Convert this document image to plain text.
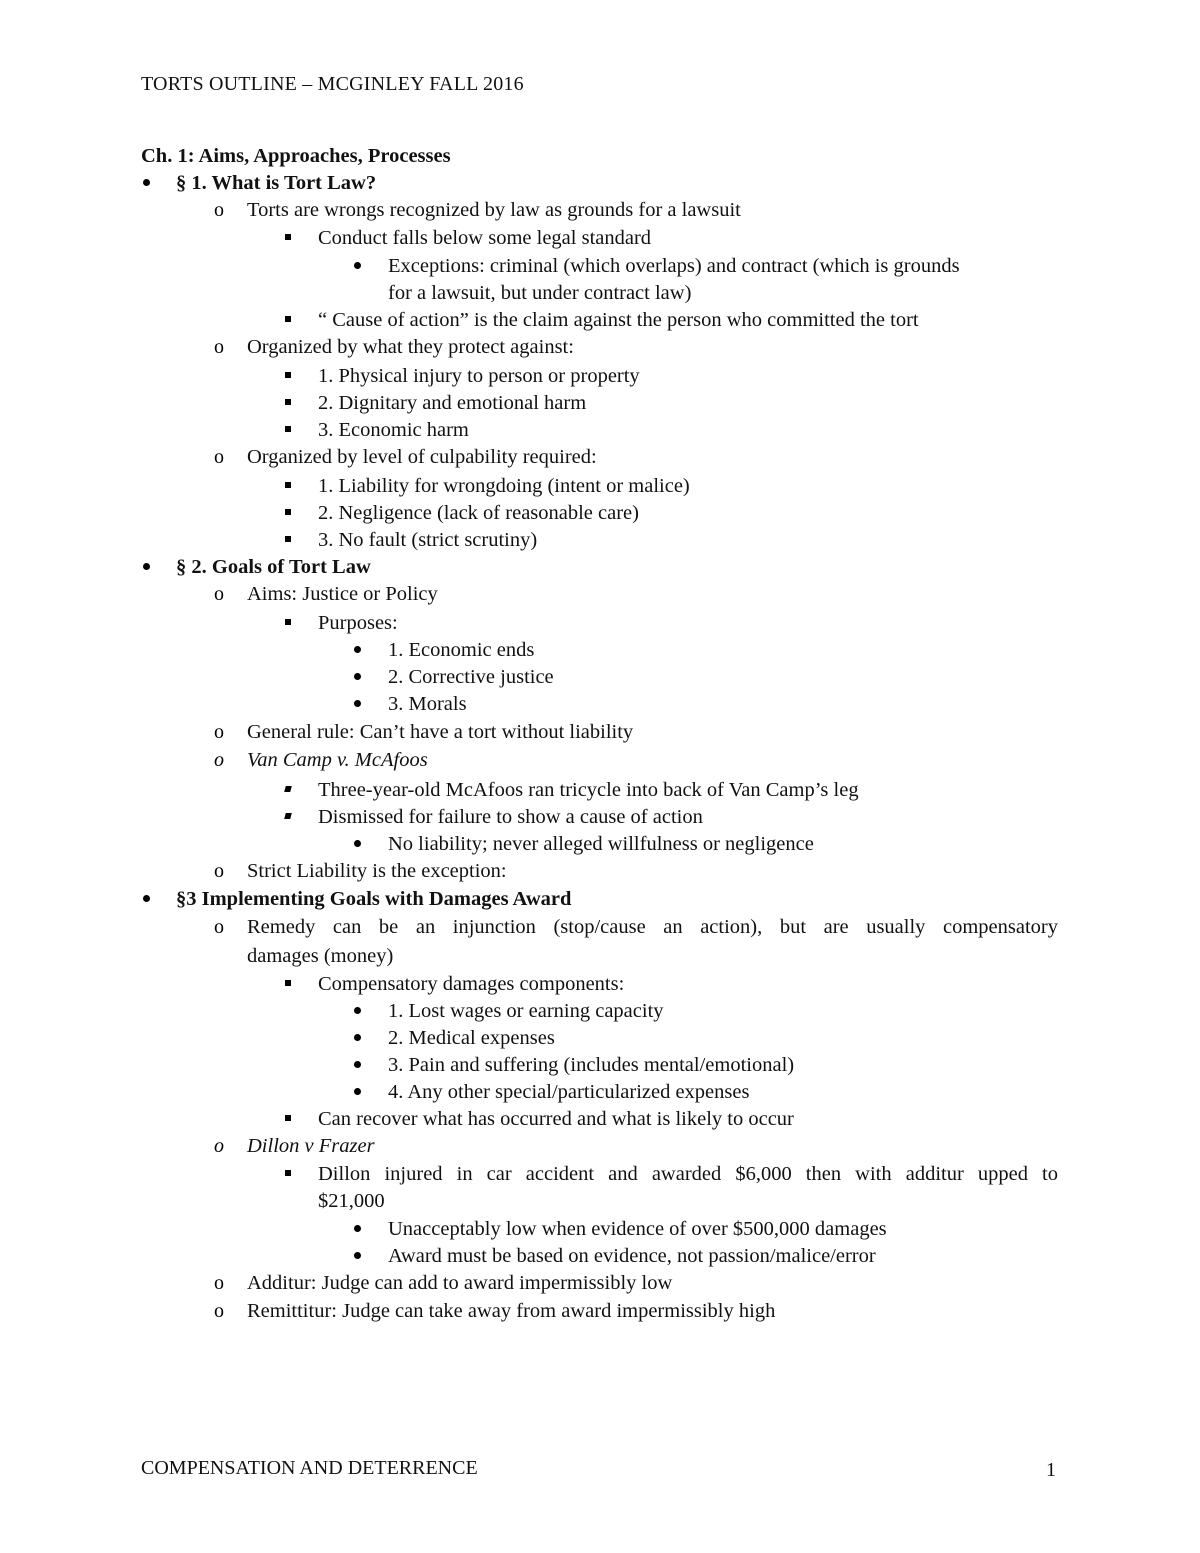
TORTS OUTLINE – MCGINLEY FALL 2016
Ch. 1: Aims, Approaches, Processes
§ 1. What is Tort Law?
o Torts are wrongs recognized by law as grounds for a lawsuit
Conduct falls below some legal standard
Exceptions: criminal (which overlaps) and contract (which is grounds
for a lawsuit, but under contract law)
“ Cause of action” is the claim against the person who committed the tort
o Organized by what they protect against:
1. Physical injury to person or property
2. Dignitary and emotional harm
3. Economic harm
o Organized by level of culpability required:
1. Liability for wrongdoing (intent or malice)
2. Negligence (lack of reasonable care)
3. No fault (strict scrutiny)
§ 2. Goals of Tort Law
o Aims: Justice or Policy
Purposes:
1. Economic ends
2. Corrective justice
3. Morals
o General rule: Can’t have a tort without liability
o Van Camp v. McAfoos
Three-year-old McAfoos ran tricycle into back of Van Camp’s leg
Dismissed for failure to show a cause of action
No liability; never alleged willfulness or negligence
o Strict Liability is the exception:
§3 Implementing Goals with Damages Award
o Remedy can be an injunction (stop/cause an action), but are usually compensatory
damages (money)
Compensatory damages components:
1. Lost wages or earning capacity
2. Medical expenses
3. Pain and suffering (includes mental/emotional)
4. Any other special/particularized expenses
Can recover what has occurred and what is likely to occur
o Dillon v Frazer
Dillon injured in car accident and awarded $6,000 then with additur upped to
$21,000
Unacceptably low when evidence of over $500,000 damages
Award must be based on evidence, not passion/malice/error
o Additur: Judge can add to award impermissibly low
o Remittitur: Judge can take away from award impermissibly high
COMPENSATION AND DETERRENCE	1
